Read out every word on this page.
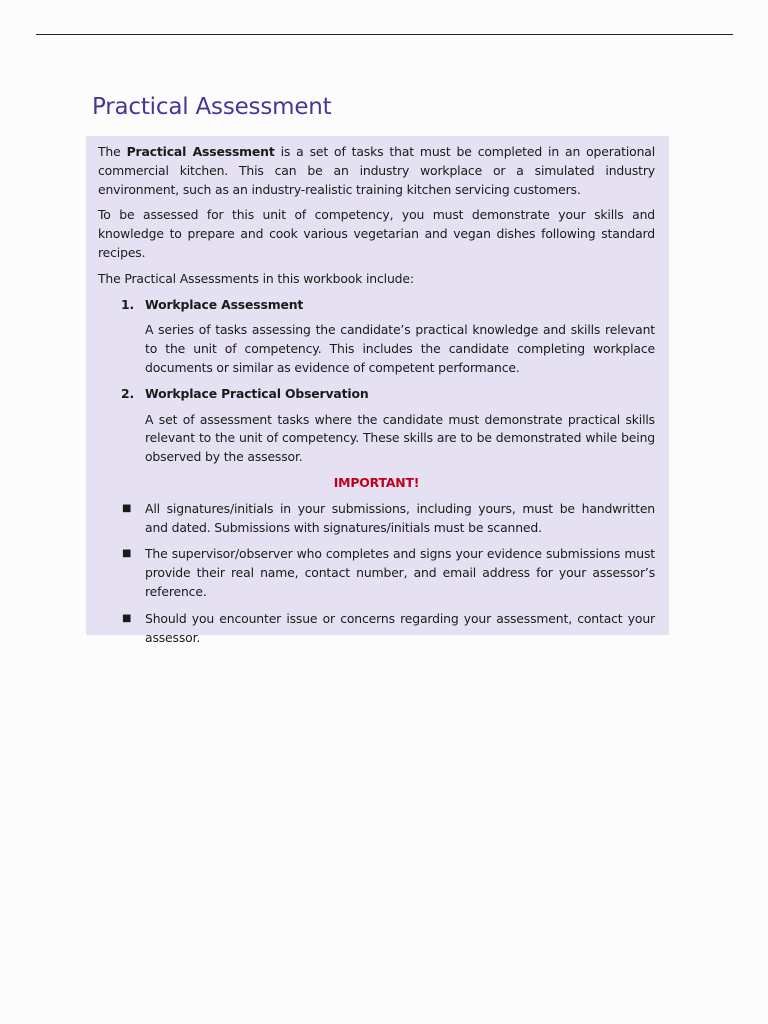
Practical Assessment

The Practical Assessment is a set of tasks that must be completed in an operational commercial kitchen. This can be an industry workplace or a simulated industry environment, such as an industry-realistic training kitchen servicing customers.

To be assessed for this unit of competency, you must demonstrate your skills and knowledge to prepare and cook various vegetarian and vegan dishes following standard recipes.

The Practical Assessments in this workbook include:

1. Workplace Assessment

A series of tasks assessing the candidate’s practical knowledge and skills relevant to the unit of competency. This includes the candidate completing workplace documents or similar as evidence of competent performance.

2. Workplace Practical Observation

A set of assessment tasks where the candidate must demonstrate practical skills relevant to the unit of competency. These skills are to be demonstrated while being observed by the assessor.

IMPORTANT!

■	All signatures/initials in your submissions, including yours, must be handwritten and dated. Submissions with signatures/initials must be scanned.
■	The supervisor/observer who completes and signs your evidence submissions must provide their real name, contact number, and email address for your assessor’s reference.
■	Should you encounter issue or concerns regarding your assessment, contact your assessor.
